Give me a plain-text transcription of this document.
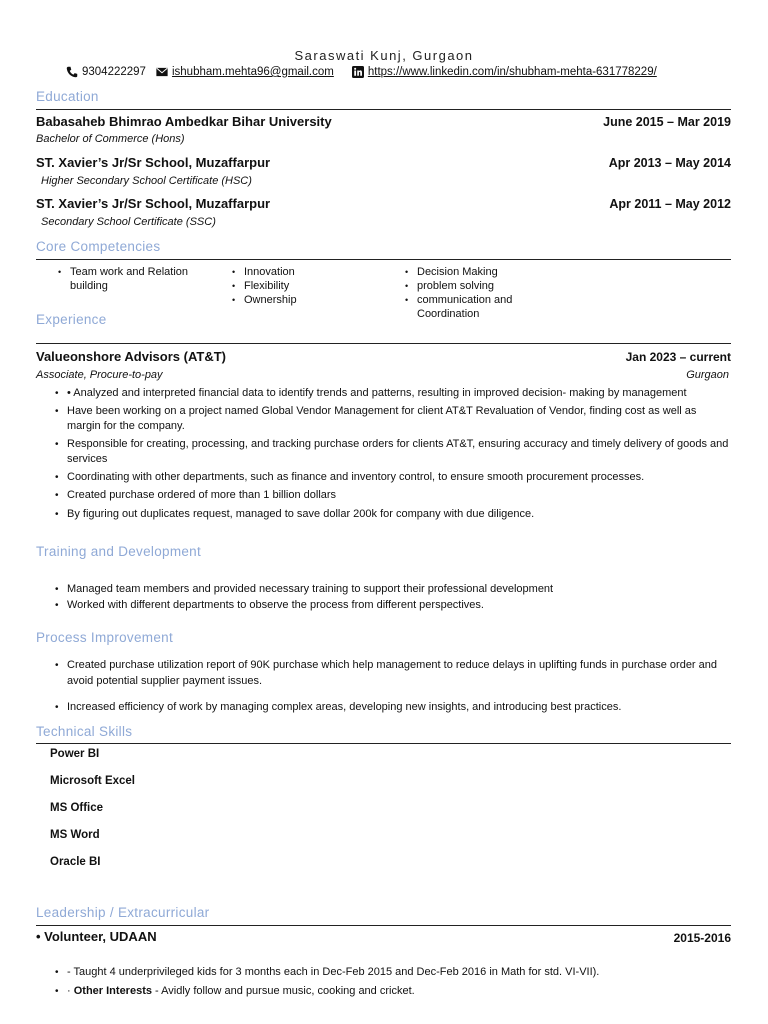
Saraswati Kunj, Gurgaon
9304222297 ishubham.mehta96@gmail.com	https://www.linkedin.com/in/shubham-mehta-631778229/
Education
Babasaheb Bhimrao Ambedkar Bihar University	June 2015 – Mar 2019
Bachelor of Commerce (Hons)
ST. Xavier’s Jr/Sr School, Muzaffarpur	Apr 2013 – May 2014
Higher Secondary School Certificate (HSC)
ST. Xavier’s Jr/Sr School, Muzaffarpur	Apr 2011 – May 2012
Secondary School Certificate (SSC)
Core Competencies
• Team work and Relation building
• Innovation
• Flexibility
• Ownership
• Decision Making
• problem solving
• communication and Coordination
Experience
Valueonshore Advisors (AT&T)	Jan 2023 – current
Associate, Procure-to-pay	Gurgaon
• • Analyzed and interpreted financial data to identify trends and patterns, resulting in improved decision- making by management
• Have been working on a project named Global Vendor Management for client AT&T Revaluation of Vendor, finding cost as well as margin for the company.
• Responsible for creating, processing, and tracking purchase orders for clients AT&T, ensuring accuracy and timely delivery of goods and services
• Coordinating with other departments, such as finance and inventory control, to ensure smooth procurement processes.
• Created purchase ordered of more than 1 billion dollars
• By figuring out duplicates request, managed to save dollar 200k for company with due diligence.
Training and Development
• Managed team members and provided necessary training to support their professional development
• Worked with different departments to observe the process from different perspectives.
Process Improvement
• Created purchase utilization report of 90K purchase which help management to reduce delays in uplifting funds in purchase order and avoid potential supplier payment issues.
• Increased efficiency of work by managing complex areas, developing new insights, and introducing best practices.
Technical Skills
Power BI
Microsoft Excel
MS Office
MS Word
Oracle BI
Leadership / Extracurricular
• Volunteer, UDAAN	2015-2016
• - Taught 4 underprivileged kids for 3 months each in Dec-Feb 2015 and Dec-Feb 2016 in Math for std. VI-VII).
• · Other Interests - Avidly follow and pursue music, cooking and cricket.
